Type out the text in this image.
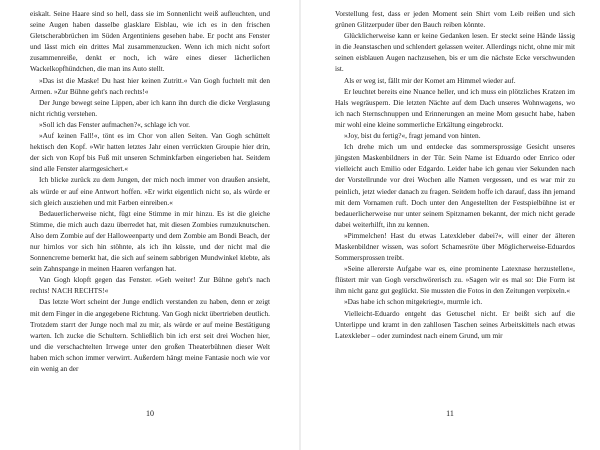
eiskalt. Seine Haare sind so hell, dass sie im Sonnenlicht weiß aufleuchten, und seine Augen haben dasselbe glasklare Eisblau, wie ich es in den frischen Gletscherabbrüchen im Süden Argentiniens gesehen habe. Er pocht ans Fenster und lässt mich ein drittes Mal zusammenzucken. Wenn ich mich nicht sofort zusammenreiße, denkt er noch, ich wäre eines dieser lächerlichen Wackelkopfhündchen, die man ins Auto stellt.

»Das ist die Maske! Du hast hier keinen Zutritt.« Van Gogh fuchtelt mit den Armen. »Zur Bühne geht's nach rechts!«

Der Junge bewegt seine Lippen, aber ich kann ihn durch die dicke Verglasung nicht richtig verstehen.

»Soll ich das Fenster aufmachen?«, schlage ich vor.

»Auf keinen Fall!«, tönt es im Chor von allen Seiten. Van Gogh schüttelt hektisch den Kopf. »Wir hatten letztes Jahr einen verrückten Groupie hier drin, der sich von Kopf bis Fuß mit unseren Schminkfarben eingerieben hat. Seitdem sind alle Fenster alarmgesichert.«

Ich blicke zurück zu dem Jungen, der mich noch immer von draußen ansieht, als würde er auf eine Antwort hoffen. »Er wirkt eigentlich nicht so, als würde er sich gleich ausziehen und mit Farben einreiben.«

Bedauerlicherweise nicht, fügt eine Stimme in mir hinzu. Es ist die gleiche Stimme, die mich auch dazu überredet hat, mit diesen Zombies rumzuknutschen. Also dem Zombie auf der Halloweenparty und dem Zombie am Bondi Beach, der nur hirnlos vor sich hin stöhnte, als ich ihn küsste, und der nicht mal die Sonnencreme bemerkt hat, die sich auf seinem sabbrigen Mundwinkel klebte, als sein Zahnspange in meinen Haaren verfangen hat.

Van Gogh klopft gegen das Fenster. »Geh weiter! Zur Bühne geht's nach rechts! NACH RECHTS!«

Das letzte Wort scheint der Junge endlich verstanden zu haben, denn er zeigt mit dem Finger in die angegebene Richtung. Van Gogh nickt übertrieben deutlich. Trotzdem starrt der Junge noch mal zu mir, als würde er auf meine Bestätigung warten. Ich zucke die Schultern. Schließlich bin ich erst seit drei Wochen hier, und die verschachtelten Irrwege unter den großen Theaterbühnen dieser Welt haben mich schon immer verwirrt. Außerdem hängt meine Fantasie noch wie vor ein wenig an der

10

Vorstellung fest, dass er jeden Moment sein Shirt vom Leib reißen und sich grünen Glitzerpuder über den Bauch reiben könnte.

Glücklicherweise kann er keine Gedanken lesen. Er steckt seine Hände lässig in die Jeanstaschen und schlendert gelassen weiter. Allerdings nicht, ohne mir mit seinen eisblauen Augen nachzusehen, bis er um die nächste Ecke verschwunden ist.

Als er weg ist, fällt mir der Komet am Himmel wieder auf.

Er leuchtet bereits eine Nuance heller, und ich muss ein plötzliches Kratzen im Hals wegräuspern. Die letzten Nächte auf dem Dach unseres Wohnwagens, wo ich nach Sternschnuppen und Erinnerungen an meine Mom gesucht habe, haben mir wohl eine kleine sommerliche Erkältung eingebrockt.

»Joy, bist du fertig?«, fragt jemand von hinten.

Ich drehe mich um und entdecke das sommersprossige Gesicht unseres jüngsten Maskenbildners in der Tür. Sein Name ist Eduardo oder Enrico oder vielleicht auch Emilio oder Edgardo. Leider habe ich genau vier Sekunden nach der Vorstellrunde vor drei Wochen alle Namen vergessen, und es war mir zu peinlich, jetzt wieder danach zu fragen. Seitdem hoffe ich darauf, dass ihn jemand mit dem Vornamen ruft. Doch unter den Angestellten der Festspielbühne ist er bedauerlicherweise nur unter seinem Spitznamen bekannt, der mich nicht gerade dabei weiterhilft, ihn zu kennen.

»Pimmelchen! Hast du etwas Latexkleber dabei?«, will einer der älteren Maskenbildner wissen, was sofort Schamesröte über Möglicherweise-Eduardos Sommersprossen treibt.

»Seine allererste Aufgabe war es, eine prominente Latexnase herzustellen«, flüstert mir van Gogh verschwörerisch zu. »Sagen wir es mal so: Die Form ist ihm nicht ganz gut geglückt. Sie mussten die Fotos in den Zeitungen verpixeln.«

»Das habe ich schon mitgekriegt«, murmle ich.

Vielleicht-Eduardo entgeht das Getuschel nicht. Er beißt sich auf die Unterlippe und kramt in den zahllosen Taschen seines Arbeitskittels nach etwas Latexkleber – oder zumindest nach einem Grund, um mir

11
